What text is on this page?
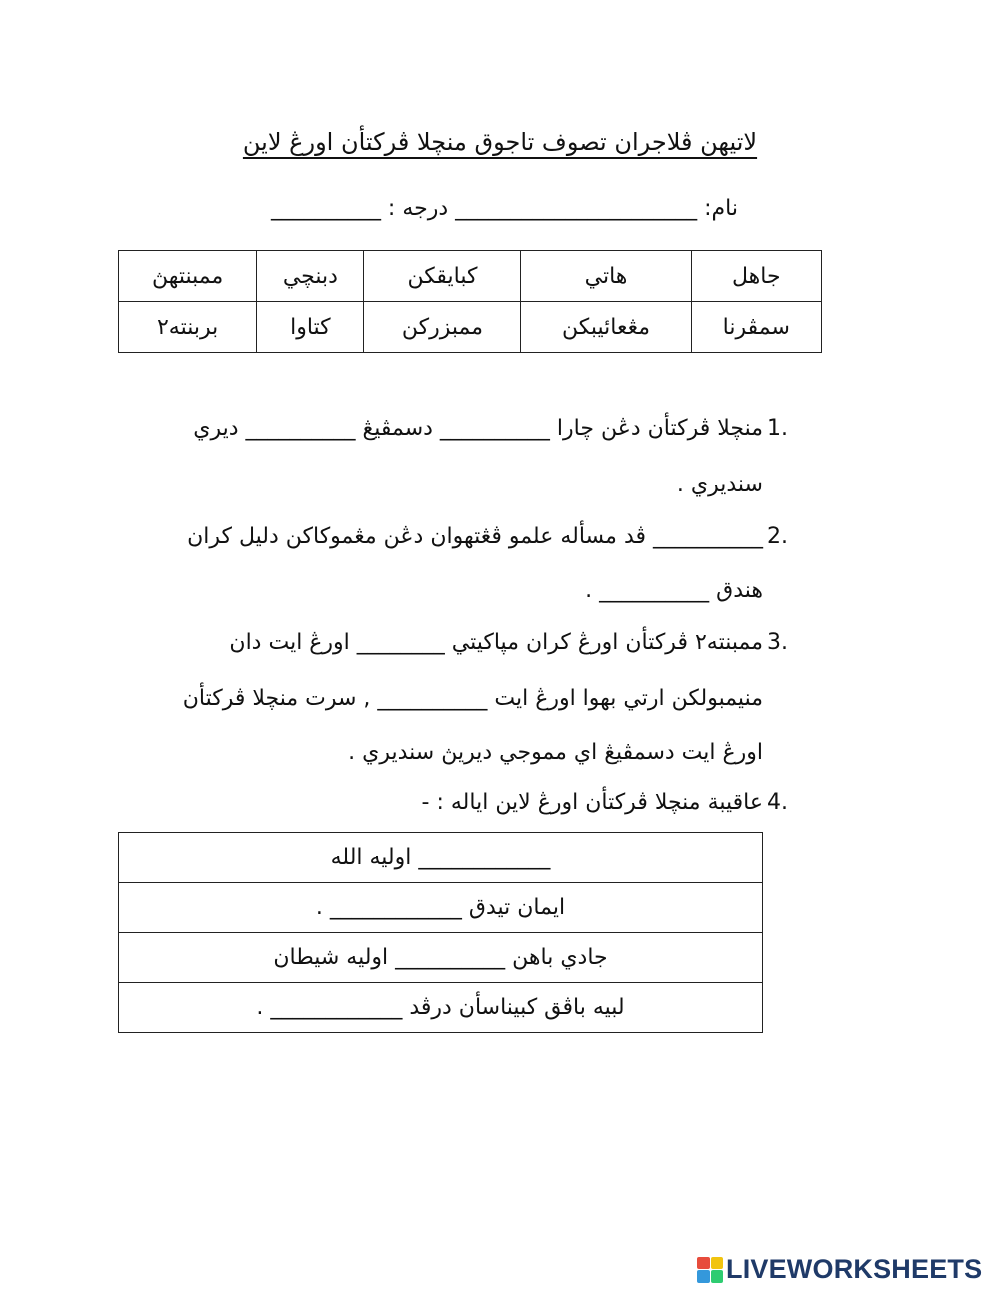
لاتيهن ڤلاجران تصوف تاجوق منچلا ڤركتأن اورڠ لاين
نام: ______________________ درجه : __________
جاهل	هاتي	كبايقكن	دبنچي	ممبنتهڽ
سمڤرنا	مڠعائيبكن	ممبزركن	كتاوا	بربنته٢
1.
منچلا ڤركتأن دڠن چارا __________ دسمڤيڠ __________ ديري
سنديري .
2.
__________ ڤد مسأله علمو ڤڠتهوان دڠن مڠموكاكن دليل كران
هندق __________ .
3.
ممبنته٢ ڤركتأن اورڠ كران مپاكيتي ________ اورڠ ايت دان
منيمبولكن ارتي بهوا اورڠ ايت __________ , سرت منچلا ڤركتأن
اورڠ ايت دسمڤيڠ اي مموجي ديريڽ سنديري .
4.
عاقيبة منچلا ڤركتأن اورڠ لاين اياله : -
____________ اوليه الله
ايمان تيدق ____________ .
جادي باهن __________ اوليه شيطان
لبيه باڤق كبيناسأن درڤد ____________ .
LIVEWORKSHEETS
